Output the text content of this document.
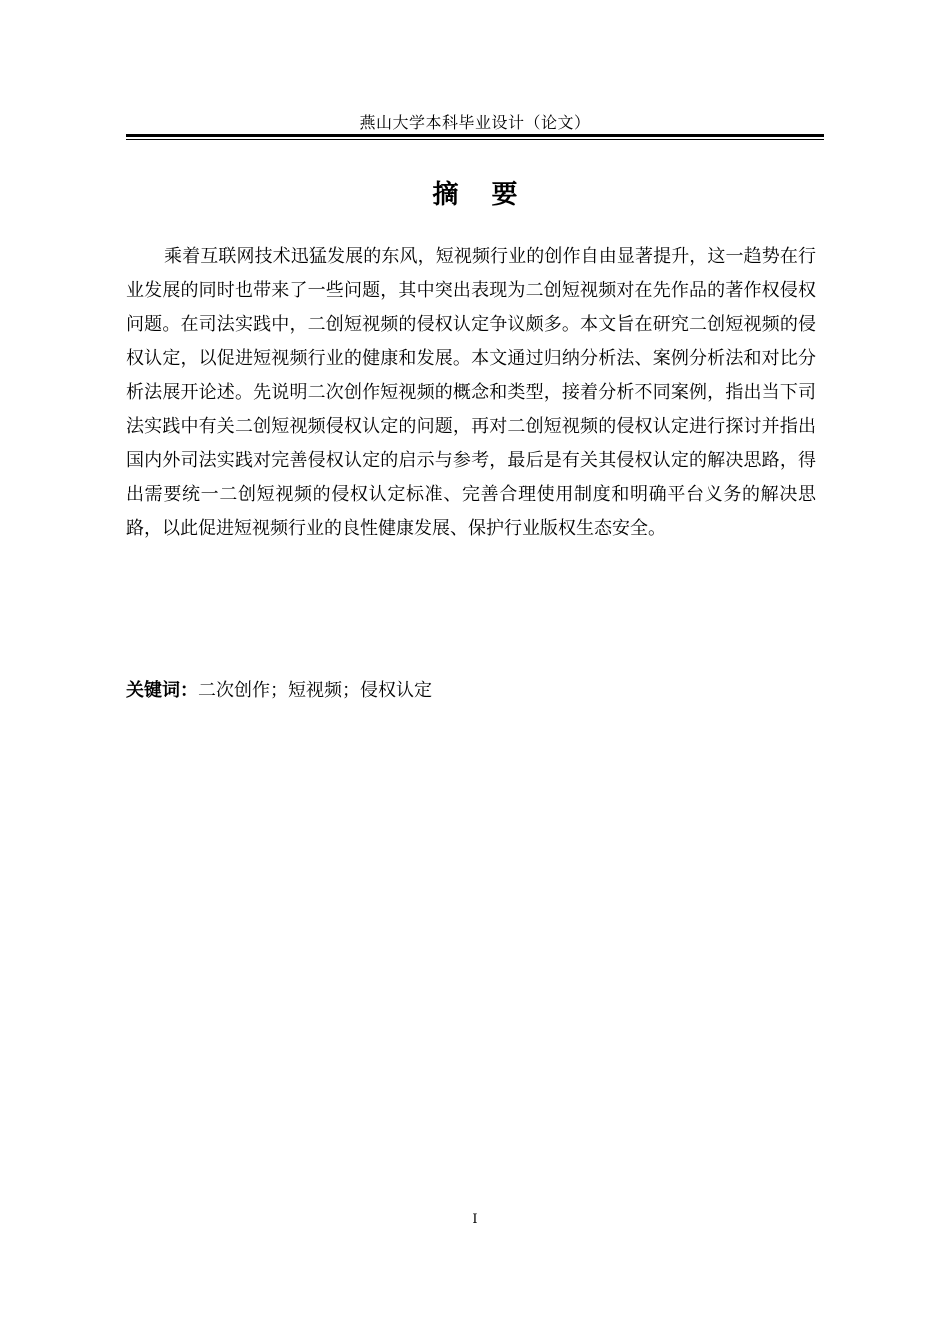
燕山大学本科毕业设计（论文）
摘 要

乘着互联网技术迅猛发展的东风，短视频行业的创作自由显著提升，这一趋势在行业发展的同时也带来了一些问题，其中突出表现为二创短视频对在先作品的著作权侵权问题。在司法实践中，二创短视频的侵权认定争议颇多。本文旨在研究二创短视频的侵权认定，以促进短视频行业的健康和发展。本文通过归纳分析法、案例分析法和对比分析法展开论述。先说明二次创作短视频的概念和类型，接着分析不同案例，指出当下司法实践中有关二创短视频侵权认定的问题，再对二创短视频的侵权认定进行探讨并指出国内外司法实践对完善侵权认定的启示与参考，最后是有关其侵权认定的解决思路，得出需要统一二创短视频的侵权认定标准、完善合理使用制度和明确平台义务的解决思路，以此促进短视频行业的良性健康发展、保护行业版权生态安全。

关键词：二次创作；短视频；侵权认定
I
